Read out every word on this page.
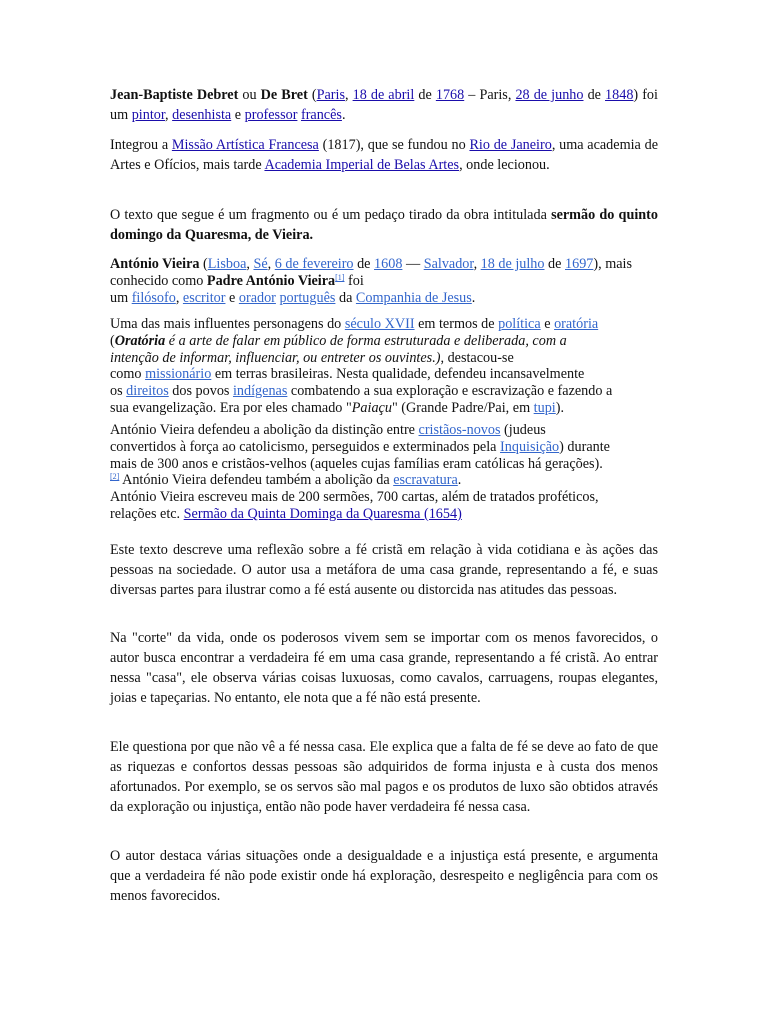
Jean-Baptiste Debret ou De Bret (Paris, 18 de abril de 1768 – Paris, 28 de junho de 1848) foi um pintor, desenhista e professor francês.

Integrou a Missão Artística Francesa (1817), que se fundou no Rio de Janeiro, uma academia de Artes e Ofícios, mais tarde Academia Imperial de Belas Artes, onde lecionou.

O texto que segue é um fragmento ou é um pedaço tirado da obra intitulada sermão do quinto domingo da Quaresma, de Vieira.

António Vieira (Lisboa, Sé, 6 de fevereiro de 1608 — Salvador, 18 de julho de 1697), mais conhecido como Padre António Vieira[1] foi
um filósofo, escritor e orador português da Companhia de Jesus.

Uma das mais influentes personagens do século XVII em termos de política e oratória
(Oratória é a arte de falar em público de forma estruturada e deliberada, com a
intenção de informar, influenciar, ou entreter os ouvintes.), destacou-se
como missionário em terras brasileiras. Nesta qualidade, defendeu incansavelmente
os direitos dos povos indígenas combatendo a sua exploração e escravização e fazendo a
sua evangelização. Era por eles chamado "Paiaçu" (Grande Padre/Pai, em tupi).

António Vieira defendeu a abolição da distinção entre cristãos-novos (judeus
convertidos à força ao catolicismo, perseguidos e exterminados pela Inquisição) durante
mais de 300 anos e cristãos-velhos (aqueles cujas famílias eram católicas há gerações).
[2] António Vieira defendeu também a abolição da escravatura.
António Vieira escreveu mais de 200 sermões, 700 cartas, além de tratados proféticos,
relações etc. Sermão da Quinta Dominga da Quaresma (1654)

Este texto descreve uma reflexão sobre a fé cristã em relação à vida cotidiana e às ações das pessoas na sociedade. O autor usa a metáfora de uma casa grande, representando a fé, e suas diversas partes para ilustrar como a fé está ausente ou distorcida nas atitudes das pessoas.

Na "corte" da vida, onde os poderosos vivem sem se importar com os menos favorecidos, o autor busca encontrar a verdadeira fé em uma casa grande, representando a fé cristã. Ao entrar nessa "casa", ele observa várias coisas luxuosas, como cavalos, carruagens, roupas elegantes, joias e tapeçarias. No entanto, ele nota que a fé não está presente.

Ele questiona por que não vê a fé nessa casa. Ele explica que a falta de fé se deve ao fato de que as riquezas e confortos dessas pessoas são adquiridos de forma injusta e à custa dos menos afortunados. Por exemplo, se os servos são mal pagos e os produtos de luxo são obtidos através da exploração ou injustiça, então não pode haver verdadeira fé nessa casa.

O autor destaca várias situações onde a desigualdade e a injustiça está presente, e argumenta que a verdadeira fé não pode existir onde há exploração, desrespeito e negligência para com os menos favorecidos.
